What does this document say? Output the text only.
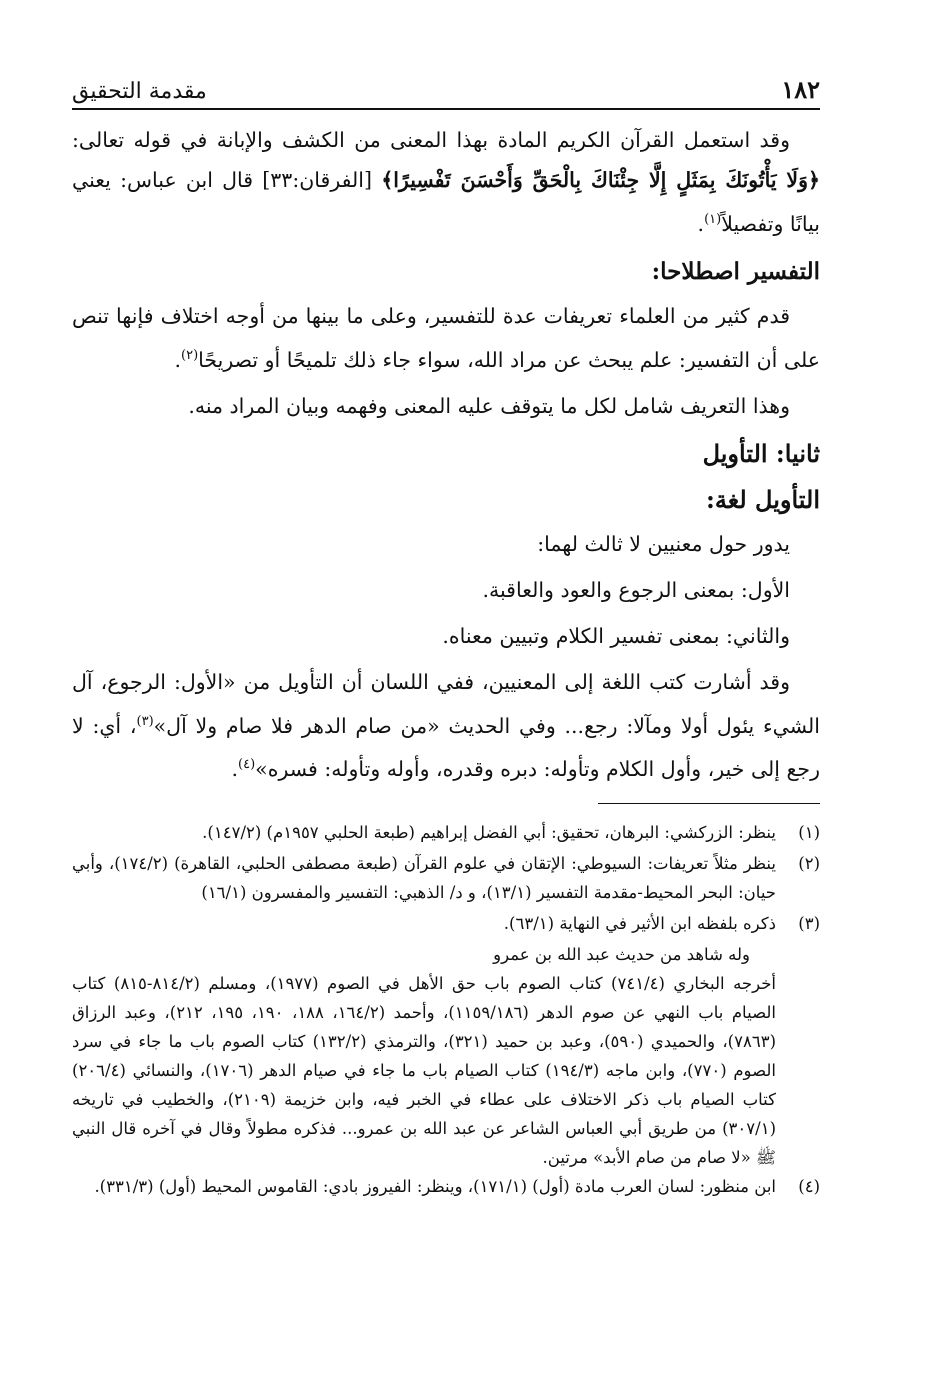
١٨٢
مقدمة التحقيق

وقد استعمل القرآن الكريم المادة بهذا المعنى من الكشف والإبانة في قوله تعالى: ﴿وَلَا يَأْتُونَكَ بِمَثَلٍ إِلَّا جِئْنَاكَ بِالْحَقِّ وَأَحْسَنَ تَفْسِيرًا﴾ [الفرقان:٣٣] قال ابن عباس: يعني بيانًا وتفصيلاً$^{(١)}$.

التفسير اصطلاحا:

قدم كثير من العلماء تعريفات عدة للتفسير، وعلى ما بينها من أوجه اختلاف فإنها تنص على أن التفسير: علم يبحث عن مراد الله، سواء جاء ذلك تلميحًا أو تصريحًا$^{(٢)}$.

وهذا التعريف شامل لكل ما يتوقف عليه المعنى وفهمه وبيان المراد منه.

ثانيا: التأويل
التأويل لغة:

يدور حول معنيين لا ثالث لهما:

الأول: بمعنى الرجوع والعود والعاقبة.

والثاني: بمعنى تفسير الكلام وتبيين معناه.

وقد أشارت كتب اللغة إلى المعنيين، ففي اللسان أن التأويل من «الأول: الرجوع، آل الشيء يئول أولا ومآلا: رجع... وفي الحديث «من صام الدهر فلا صام ولا آل»$^{(٣)}$، أي: لا رجع إلى خير، وأول الكلام وتأوله: دبره وقدره، وأوله وتأوله: فسره»$^{(٤)}$.

(١)
ينظر: الزركشي: البرهان، تحقيق: أبي الفضل إبراهيم (طبعة الحلبي ١٩٥٧م) (١٤٧/٢).
(٢)
ينظر مثلاً تعريفات: السيوطي: الإتقان في علوم القرآن (طبعة مصطفى الحلبي، القاهرة) (١٧٤/٢)، وأبي حيان: البحر المحيط-مقدمة التفسير (١٣/١)، و د/ الذهبي: التفسير والمفسرون (١٦/١)
(٣)
ذكره بلفظه ابن الأثير في النهاية (٦٣/١).
وله شاهد من حديث عبد الله بن عمرو
أخرجه البخاري (٧٤١/٤) كتاب الصوم باب حق الأهل في الصوم (١٩٧٧)، ومسلم (٨١٤/٢-٨١٥) كتاب الصيام باب النهي عن صوم الدهر (١١٥٩/١٨٦)، وأحمد (١٦٤/٢، ١٨٨، ١٩٠، ١٩٥، ٢١٢)، وعبد الرزاق (٧٨٦٣)، والحميدي (٥٩٠)، وعبد بن حميد (٣٢١)، والترمذي (١٣٢/٢) كتاب الصوم باب ما جاء في سرد الصوم (٧٧٠)، وابن ماجه (١٩٤/٣) كتاب الصيام باب ما جاء في صيام الدهر (١٧٠٦)، والنسائي (٢٠٦/٤) كتاب الصيام باب ذكر الاختلاف على عطاء في الخبر فيه، وابن خزيمة (٢١٠٩)، والخطيب في تاريخه (٣٠٧/١) من طريق أبي العباس الشاعر عن عبد الله بن عمرو... فذكره مطولاً وقال في آخره قال النبي ﷺ «لا صام من صام الأبد» مرتين.
(٤)
ابن منظور: لسان العرب مادة (أول) (١٧١/١)، وينظر: الفيروز بادي: القاموس المحيط (أول) (٣٣١/٣).
